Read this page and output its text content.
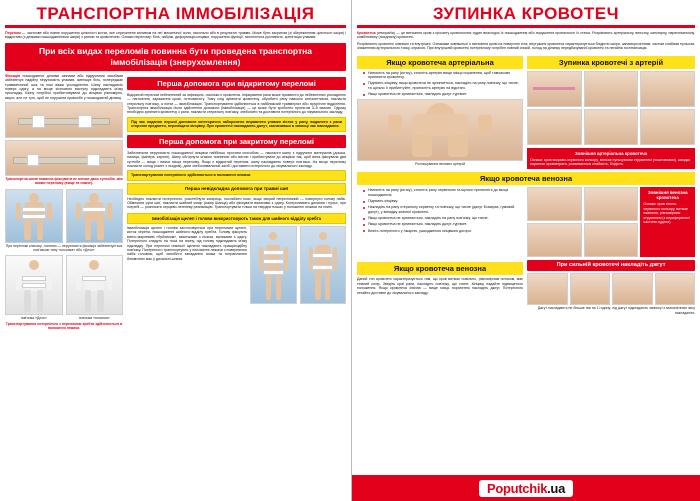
ТРАНСПОРТНА ІММОБІЛІЗАЦІЯ
Перелом — часткове або повне порушення цілісності кістки, яке спричинене впливом на неї механічної сили, насильно або в результаті травми. Може бути закритим (зі збереженням цілісності шкіри) і відкритим (з деякими пошкодженнями шкіри) з раною та кровотечею. Ознаки перелому: біль, набряк, деформація кінцівки, порушення функції, патологічна рухливість, крепітація уламків.
При всіх видах переломів повинна бути проведена транспортна іммобілізація (знерухомлення)
Фіксація пошкодженої ділянки шинами або підручними засобами забезпечує надійну нерухомість уламків, зменшує біль, попереджає травматичний шок та інші важкі ускладнення. Шину накладають поверх одягу, а на місце кісткового виступу підкладають м'яку прокладку. Шину потрібно прибинтовувати до кінцівки рівномірно, міцно, але не туго, щоб не порушити кровообіг у пошкодженій ділянці.
Транспортна шина повинна фіксувати не менше двох суглобів, між якими перелому (вище та нижче).
При переломі ключиці, лопатки — нерухомість фіксація забезпечується пов'язкою типу «косинка» або «Дезо»
пов'язка «Дезо»	пов'язка «косинка»
Транспортування потерпілого з переломом хребта здійснюється в положенні лежачи.
Перша допомога при відкритому переломі
Відкритий перелом небезпечний за інфекцією, оскільки є кровотеча. Інфікування рани може призвести до небезпечних ускладнень — нагноєння, зараження крові, остеомієліту. Тому слід зупинити кровотечу, обробити рану навколо антисептиком, накласти стерильну пов'язку, а потім — іммобілізацію. Транспортування здійснюється в найближчий травмпункт або хірургічне відділення. Транспортна іммобілізація після здійснення допомоги (іммобілізація) — це може бути зроблено протягом 3–5 хвилин. Одразу необхідно зупинити кровотечу з рани, накласти стерильну пов'язку, знеболити та доставити потерпілого до лікувального закладу.
Під час надання першої допомоги категорично заборонено вправляти уламки кістки у рану, видаляти з рани сторонні предмети, переміщати кінцівку. При кровотечі накладають джгут, зазначивши в записці час накладання.
Перша допомога при закритому переломі
Забезпечити нерухомість пошкодженої кінцівки найбільш простим способом — накласти шину з підручних матеріалів (дошка, палиця, фанера, картон). Шину обгорнути м'якою тканиною або ватою і прибинтувати до кінцівки так, щоб вона фіксувала два суглоби — вище і нижче місця перелому. Якщо є відкритий перелом, шину накладають поверх пов'язки. На місце перелому покласти холод (пакет з льодом), дати знеболювальний засіб і доставити потерпілого до лікувального закладу.
Транспортування потерпілого здійснюється в положенні лежачи.
Перша невідкладна допомога при травмі шиї
Необхідно покласти потерпілого, розстебнути комірець, послабити пояс; якщо хворий непритомний — повернути голову набік. Обмежити рухи шиї, накласти шийний комір (комір Шанца) або фіксувати валиками з одягу. Контролювати дихання і пульс, при потребі — розпочати серцево-легеневу реанімацію. Транспортувати тільки на твердих ношах у положенні лежачи на спині.
Іммобілізація щелеп і голови використовують також для шийного відділу хребта
Іммобілізація щелеп і голови застосовується при переломах щелеп, кісток черепа, пошкодженні шийного відділу хребта. Голову фіксують ватно-марлевим «бубликом», мішечками з піском, валиками з одягу. Потерпілого кладуть на ноші на спину, під голову підкладають м'яку підкладку. При переломі нижньої щелепи накладають пращоподібну пов'язку. Потерпілого транспортують у положенні лежачи з поверненою набік головою, щоб запобігти западанню язика та потраплянню блювотних мас у дихальні шляхи.
ЗУПИНКА КРОВОТЕЧ
Кровотеча (гемораґія) — це витікання крові з просвіту кровоносних судин внаслідок їх пошкодження або порушення проникності їх стінки. Розрізняють артеріальну, венозну, капілярну, паренхіматозну, комбіновану (поєднану) кровотечі.
Розрізняють кровотечі зовнішні та внутрішні. Ознаками зовнішньої є витікання крові на поверхню тіла; внутрішня кровотеча характеризується блідістю шкіри, запамороченням, частим слабким пульсом, зниженням артеріального тиску, спрагою. При внутрішній кровотечі потерпілому потрібен повний спокій, холод на ділянку передбачуваної кровотечі та негайна госпіталізація.
Якщо кровотеча артеріальна
Натисніть на рану (кістку), стисніть артерію вище місця поранення, щоб тимчасово припинити кровотечу.
Підніміть кінцівку, якщо кровотеча не зупиняється, накладіть на рану пов'язку, що тисне, та щільно її прибинтуйте, притисніть артерію на відстані.
Якщо кровотеча не зупиняється, накладіть джгут-турнікет.
Розташування великих артерій
Зупинка кровотечі з артерій
Зовнішня артеріальна кровотеча
Ознаки: кров яскраво-червоного кольору, витікає пульсуючим струменем (поштовхами), швидко наростає крововтрата, розвивається слабкість, блідість.
Якщо кровотеча венозна
Натисніть на рану (кістку), стисніть рану серветкою та щільно притисніть до місця пошкодження.
Підніміть кінцівку.
Накладіть на рану стерильну серветку та пов'язку, що тисне (джгут Есмарха, гумовий джгут), у випадку значної кровотечі.
Якщо кровотеча не зупиняється, накладіть на рану пов'язку, що тисне.
Якщо кровотеча не зупиняється, накладіть джгут-турнікет.
Везіть потерпілого у лікарню, ушкодженою кінцівкою догори.
Зовнішня венозна кровотеча
Ознаки: кров темно-червоного кольору, витікає повільно, рівномірним струменем (з периферичної частини судини).
Якщо кровотеча венозна
Даний тип кровотечі характеризується тим, що кров витікає повільно, рівномірним потоком, має темний колір. Зведіть краї рани, накладіть пов'язку, що тисне. Кінцівці надайте підвищеного положення. Якщо кровотеча значна — вище місця поранення накладіть джгут. Потерпілого негайно доставте до лікувального закладу.
При сильній кровотечі накладіть джгут
Джгут накладають не більше ніж на 1 годину; під джгут підкладають записку із зазначенням часу накладання.
Poputchik.ua
